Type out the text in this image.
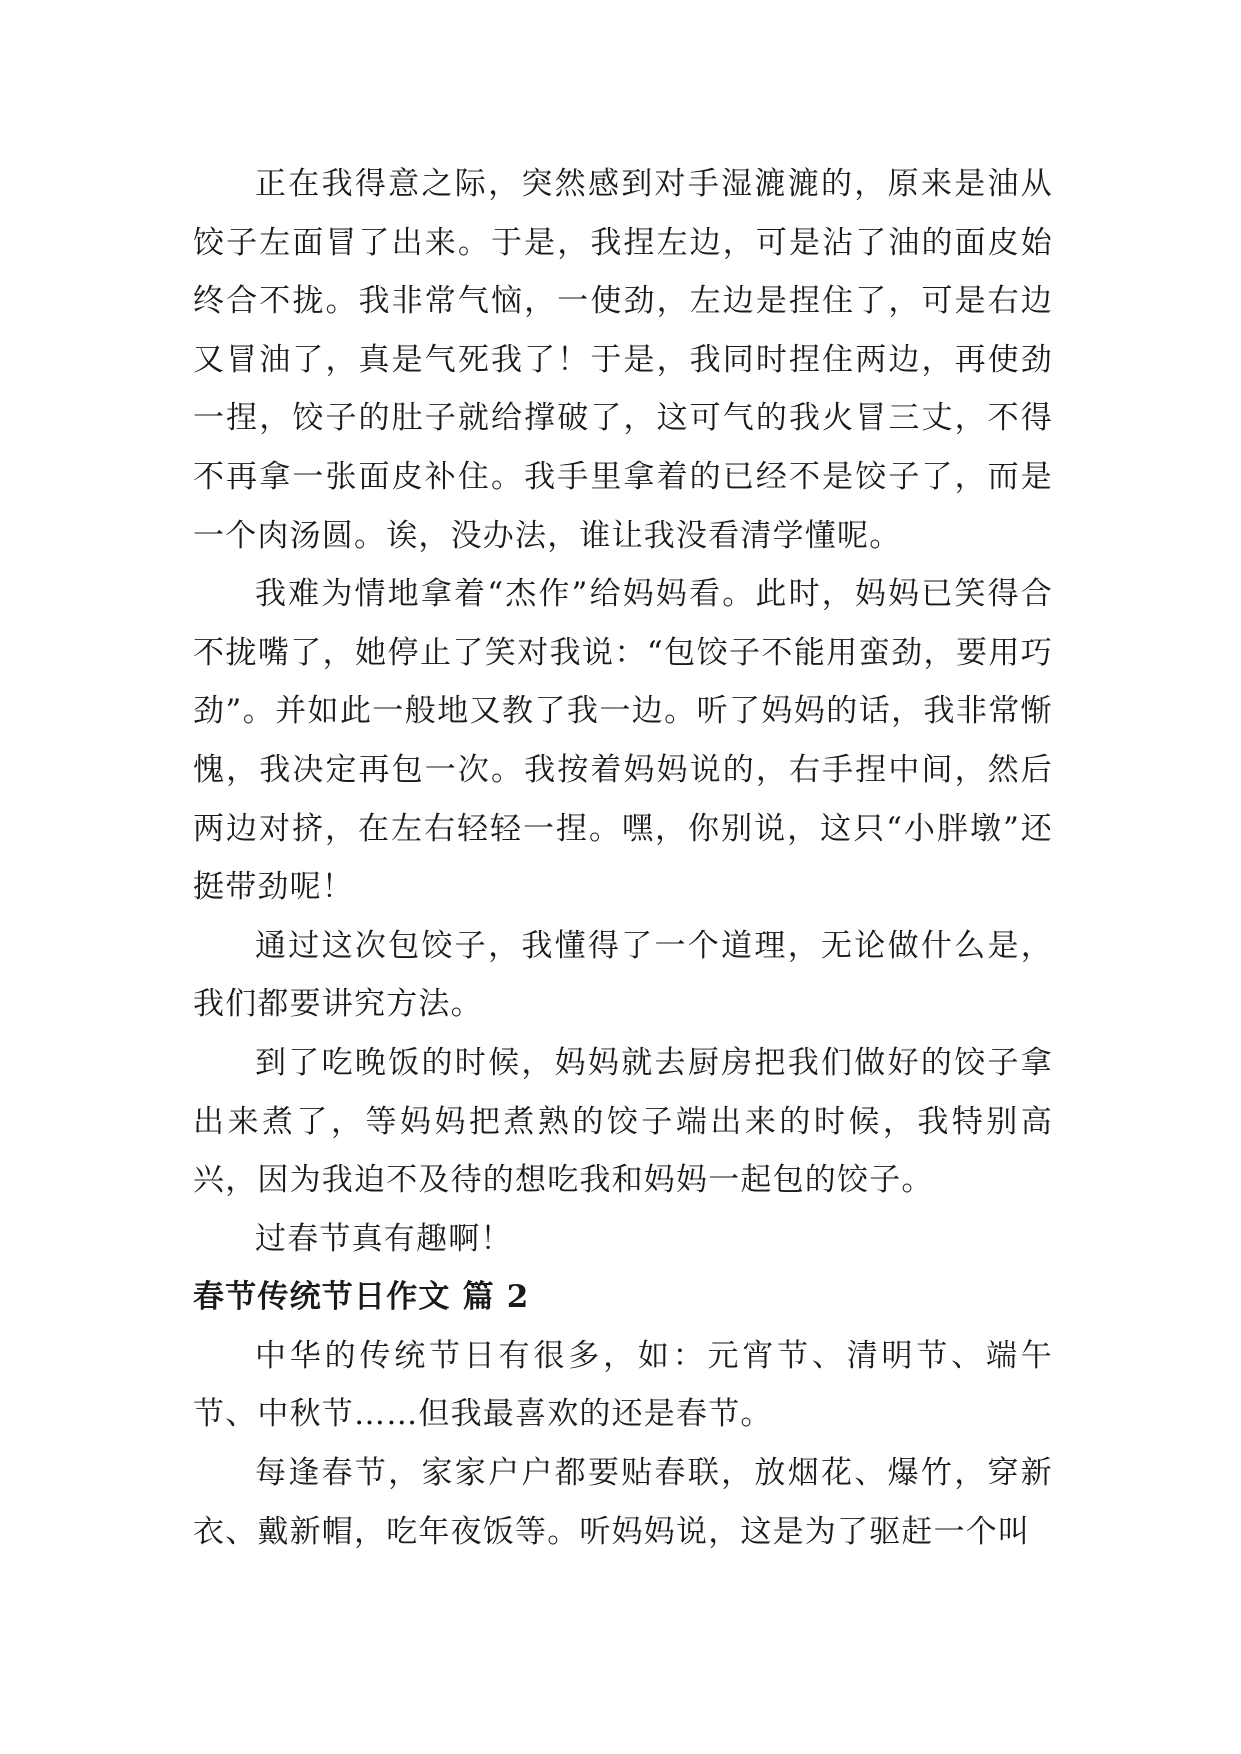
正在我得意之际，突然感到对手湿漉漉的，原来是油从饺子左面冒了出来。于是，我捏左边，可是沾了油的面皮始终合不拢。我非常气恼，一使劲，左边是捏住了，可是右边又冒油了，真是气死我了！于是，我同时捏住两边，再使劲一捏，饺子的肚子就给撑破了，这可气的我火冒三丈，不得不再拿一张面皮补住。我手里拿着的已经不是饺子了，而是一个肉汤圆。诶，没办法，谁让我没看清学懂呢。

我难为情地拿着“杰作”给妈妈看。此时，妈妈已笑得合不拢嘴了，她停止了笑对我说：“包饺子不能用蛮劲，要用巧劲”。并如此一般地又教了我一边。听了妈妈的话，我非常惭愧，我决定再包一次。我按着妈妈说的，右手捏中间，然后两边对挤，在左右轻轻一捏。嘿，你别说，这只“小胖墩”还挺带劲呢！

通过这次包饺子，我懂得了一个道理，无论做什么是，我们都要讲究方法。

到了吃晚饭的时候，妈妈就去厨房把我们做好的饺子拿出来煮了，等妈妈把煮熟的饺子端出来的时候，我特别高兴，因为我迫不及待的想吃我和妈妈一起包的饺子。

过春节真有趣啊！

春节传统节日作文 篇 2

中华的传统节日有很多，如：元宵节、清明节、端午节、中秋节……但我最喜欢的还是春节。

每逢春节，家家户户都要贴春联，放烟花、爆竹，穿新衣、戴新帽，吃年夜饭等。听妈妈说，这是为了驱赶一个叫
